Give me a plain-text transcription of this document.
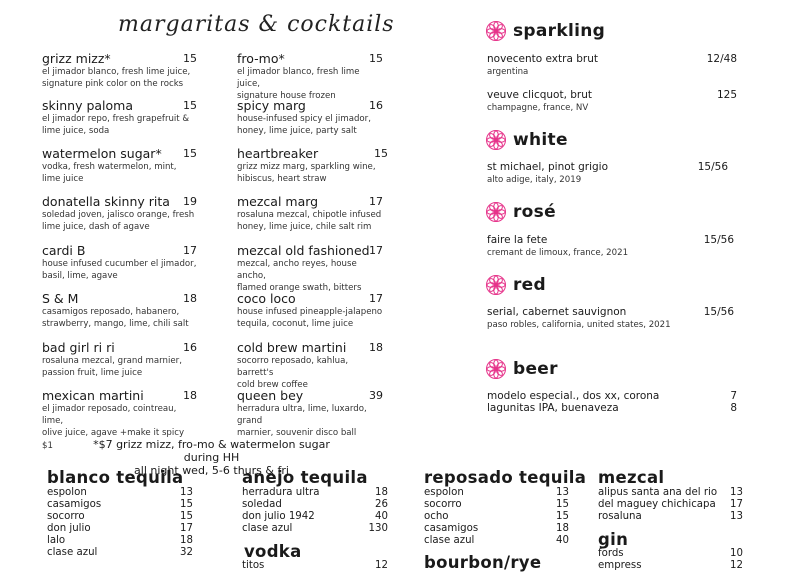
margaritas & cocktails
grizz mizz*	15
el jimador blanco, fresh lime juice,
signature pink color on the rocks
skinny paloma	15
el jimador repo, fresh grapefruit &
lime juice, soda
watermelon sugar*	15
vodka, fresh watermelon, mint,
lime juice
donatella skinny rita	19
soledad joven, jalisco orange, fresh
lime juice, dash of agave
cardi B	17
house infused cucumber el jimador,
basil, lime, agave
S & M	18
casamigos reposado, habanero,
strawberry, mango, lime, chili salt
bad girl ri ri	16
rosaluna mezcal, grand marnier,
passion fruit, lime juice
mexican martini	18
el jimador reposado, cointreau, lime,
olive juice, agave +make it spicy $1
fro-mo*	15
el jimador blanco, fresh lime juice,
signature house frozen
spicy marg	16
house-infused spicy el jimador,
honey, lime juice, party salt
heartbreaker	15
grizz mizz marg, sparkling wine,
hibiscus, heart straw
mezcal marg	17
rosaluna mezcal, chipotle infused
honey, lime juice, chile salt rim
mezcal old fashioned 17
mezcal, ancho reyes, house ancho,
flamed orange swath, bitters
coco loco	17
house infused pineapple-jalapeno
tequila, coconut, lime juice
cold brew martini	18
socorro reposado, kahlua, barrett's
cold brew coffee
queen bey	39
herradura ultra, lime, luxardo, grand
marnier, souvenir disco ball
*$7 grizz mizz, fro-mo & watermelon sugar during HH
all night wed, 5-6 thurs & fri
sparkling
novecento extra brut	12/48
argentina
veuve clicquot, brut	125
champagne, france, NV
white
st michael, pinot grigio	15/56
alto adige, italy, 2019
rosé
faire la fete	15/56
cremant de limoux, france, 2021
red
serial, cabernet sauvignon	15/56
paso robles, california, united states, 2021
beer
modelo especial., dos xx, corona	7
lagunitas IPA, buenaveza	8
blanco tequila
espolon	13
casamigos	15
socorro	15
don julio	17
lalo	18
clase azul	32
anejo tequila
herradura ultra	18
soledad	26
don julio 1942	40
clase azul	130
vodka
titos	12
reposado tequila
espolon	13
socorro	15
ocho	15
casamigos	18
clase azul	40
bourbon/rye
mezcal
alipus santa ana del rio 13
del maguey chichicapa 17
rosaluna	13
gin
fords	10
empress	12
